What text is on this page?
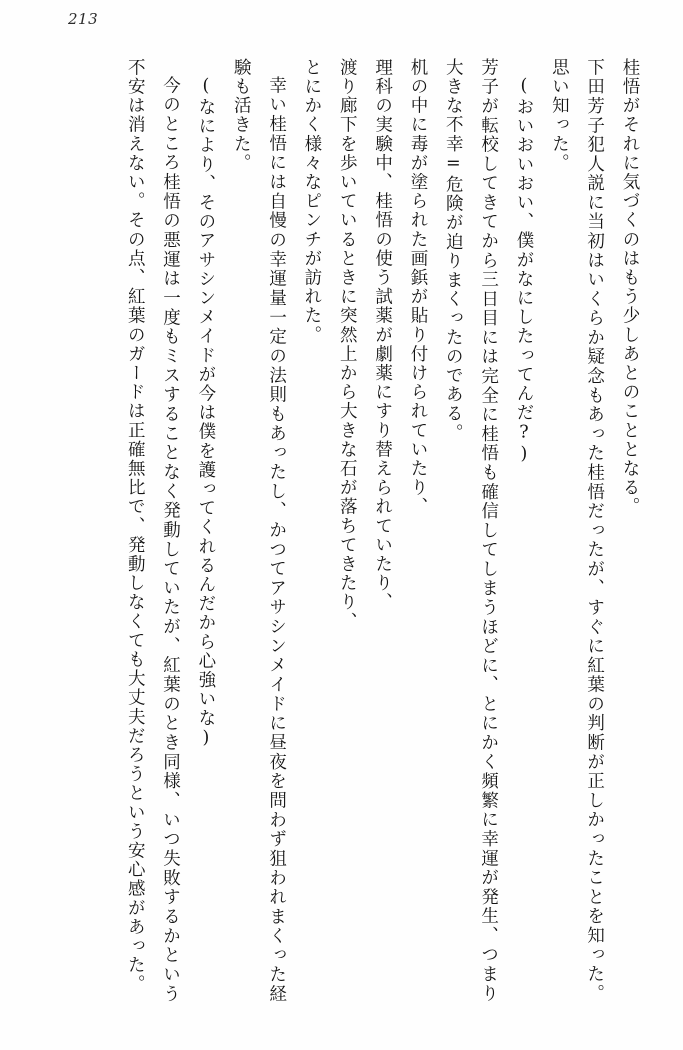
213

桂悟がそれに気づくのはもう少しあとのこととなる。

下田芳子犯人説に当初はいくらか疑念もあった桂悟だったが、すぐに紅葉の判断が正しかったことを知った。思い知った。

(おいおいおい、僕がなにしたってんだ?)

芳子が転校してきてから三日目には完全に桂悟も確信してしまうほどに、とにかく頻繁に幸運が発生、つまり大きな不幸=危険が迫りまくったのである。

机の中に毒が塗られた画鋲が貼り付けられていたり、

理科の実験中、桂悟の使う試薬が劇薬にすり替えられていたり、

渡り廊下を歩いているときに突然上から大きな石が落ちてきたり、

とにかく様々なピンチが訪れた。

幸い桂悟には自慢の幸運量一定の法則もあったし、かつてアサシンメイドに昼夜を問わず狙われまくった経験も活きた。

(なにより、そのアサシンメイドが今は僕を護ってくれるんだから心強いな)

今のところ桂悟の悪運は一度もミスすることなく発動していたが、紅葉のとき同様、いつ失敗するかという不安は消えない。その点、紅葉のガードは正確無比で、発動しなくても大丈夫だろうという安心感があった。
